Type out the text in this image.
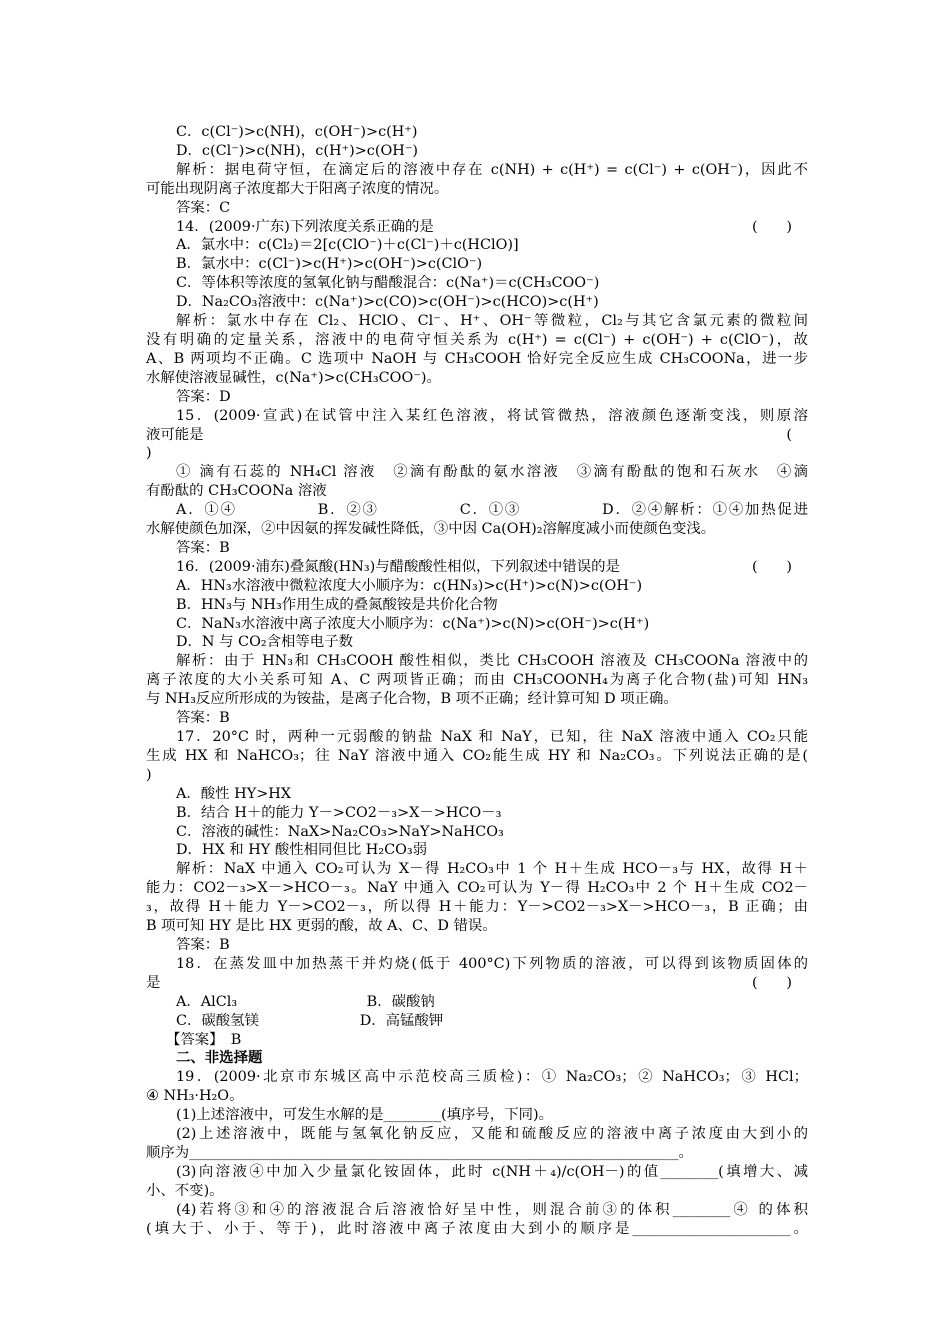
C．c(Cl⁻)>c(NH)，c(OH⁻)>c(H⁺)
D．c(Cl⁻)>c(NH)，c(H⁺)>c(OH⁻)
解析：据电荷守恒，在滴定后的溶液中存在 c(NH) + c(H⁺) = c(Cl⁻) + c(OH⁻)，因此不
可能出现阴离子浓度都大于阳离子浓度的情况。
答案：C
14．(2009·广东)下列浓度关系正确的是	(　　)
A．氯水中：c(Cl₂)＝2[c(ClO⁻)＋c(Cl⁻)＋c(HClO)]
B．氯水中：c(Cl⁻)>c(H⁺)>c(OH⁻)>c(ClO⁻)
C．等体积等浓度的氢氧化钠与醋酸混合：c(Na⁺)＝c(CH₃COO⁻)
D．Na₂CO₃溶液中：c(Na⁺)>c(CO)>c(OH⁻)>c(HCO)>c(H⁺)
解析：氯水中存在 Cl₂、HClO、Cl⁻、H⁺、OH⁻等微粒，Cl₂与其它含氯元素的微粒间
没有明确的定量关系，溶液中的电荷守恒关系为 c(H⁺) = c(Cl⁻) + c(OH⁻) + c(ClO⁻)，故
A、B 两项均不正确。C 选项中 NaOH 与 CH₃COOH 恰好完全反应生成 CH₃COONa，进一步
水解使溶液显碱性，c(Na⁺)>c(CH₃COO⁻)。
答案：D
15．(2009·宣武)在试管中注入某红色溶液，将试管微热，溶液颜色逐渐变浅，则原溶
液可能是	(
)
① 滴有石蕊的 NH₄Cl 溶液　②滴有酚酞的氨水溶液　③滴有酚酞的饱和石灰水　④滴
有酚酞的 CH₃COONa 溶液
A．①④　　　　　B．②③　　　　　C．①③　　　　　D．②④解析：①④加热促进
水解使颜色加深，②中因氨的挥发碱性降低，③中因 Ca(OH)₂溶解度减小而使颜色变浅。
答案：B
16．(2009·浦东)叠氮酸(HN₃)与醋酸酸性相似，下列叙述中错误的是	(　　)
A．HN₃水溶液中微粒浓度大小顺序为：c(HN₃)>c(H⁺)>c(N)>c(OH⁻)
B．HN₃与 NH₃作用生成的叠氮酸铵是共价化合物
C．NaN₃水溶液中离子浓度大小顺序为：c(Na⁺)>c(N)>c(OH⁻)>c(H⁺)
D．N 与 CO₂含相等电子数
解析：由于 HN₃和 CH₃COOH 酸性相似，类比 CH₃COOH 溶液及 CH₃COONa 溶液中的
离子浓度的大小关系可知 A、C 两项皆正确；而由 CH₃COONH₄为离子化合物(盐)可知 HN₃
与 NH₃反应所形成的为铵盐，是离子化合物，B 项不正确；经计算可知 D 项正确。
答案：B
17．20°C 时，两种一元弱酸的钠盐 NaX 和 NaY，已知，往 NaX 溶液中通入 CO₂只能
生成 HX 和 NaHCO₃；往 NaY 溶液中通入 CO₂能生成 HY 和 Na₂CO₃。下列说法正确的是(
)
A．酸性 HY>HX
B．结合 H＋的能力 Y－>CO2－₃>X－>HCO－₃
C．溶液的碱性：NaX>Na₂CO₃>NaY>NaHCO₃
D．HX 和 HY 酸性相同但比 H₂CO₃弱
解析：NaX 中通入 CO₂可认为 X－得 H₂CO₃中 1 个 H＋生成 HCO－₃与 HX，故得 H＋
能力：CO2－₃>X－>HCO－₃。NaY 中通入 CO₂可认为 Y－得 H₂CO₃中 2 个 H＋生成 CO2－
₃，故得 H＋能力 Y－>CO2－₃，所以得 H＋能力：Y－>CO2－₃>X－>HCO－₃，B 正确；由
B 项可知 HY 是比 HX 更弱的酸，故 A、C、D 错误。
答案：B
18．在蒸发皿中加热蒸干并灼烧(低于 400°C)下列物质的溶液，可以得到该物质固体的
是	(　　)
A．AlCl₃　　　　　　　　　B．碳酸钠
C．碳酸氢镁　　　　　　　D．高锰酸钾
【答案】　B
二、非选择题
19．(2009·北京市东城区高中示范校高三质检)：① Na₂CO₃；② NaHCO₃；③ HCl；
④ NH₃·H₂O。
(1)上述溶液中，可发生水解的是________(填序号，下同)。
(2)上述溶液中，既能与氢氧化钠反应，又能和硫酸反应的溶液中离子浓度由大到小的
顺序为____________________________________________________________________。
(3)向溶液④中加入少量氯化铵固体，此时 c(NH＋₄)/c(OH－)的值________(填增大、减
小、不变)。
(4)若将③和④的溶液混合后溶液恰好呈中性，则混合前③的体积________④ 的体积
(填大于、小于、等于)，此时溶液中离子浓度由大到小的顺序是______________________。
